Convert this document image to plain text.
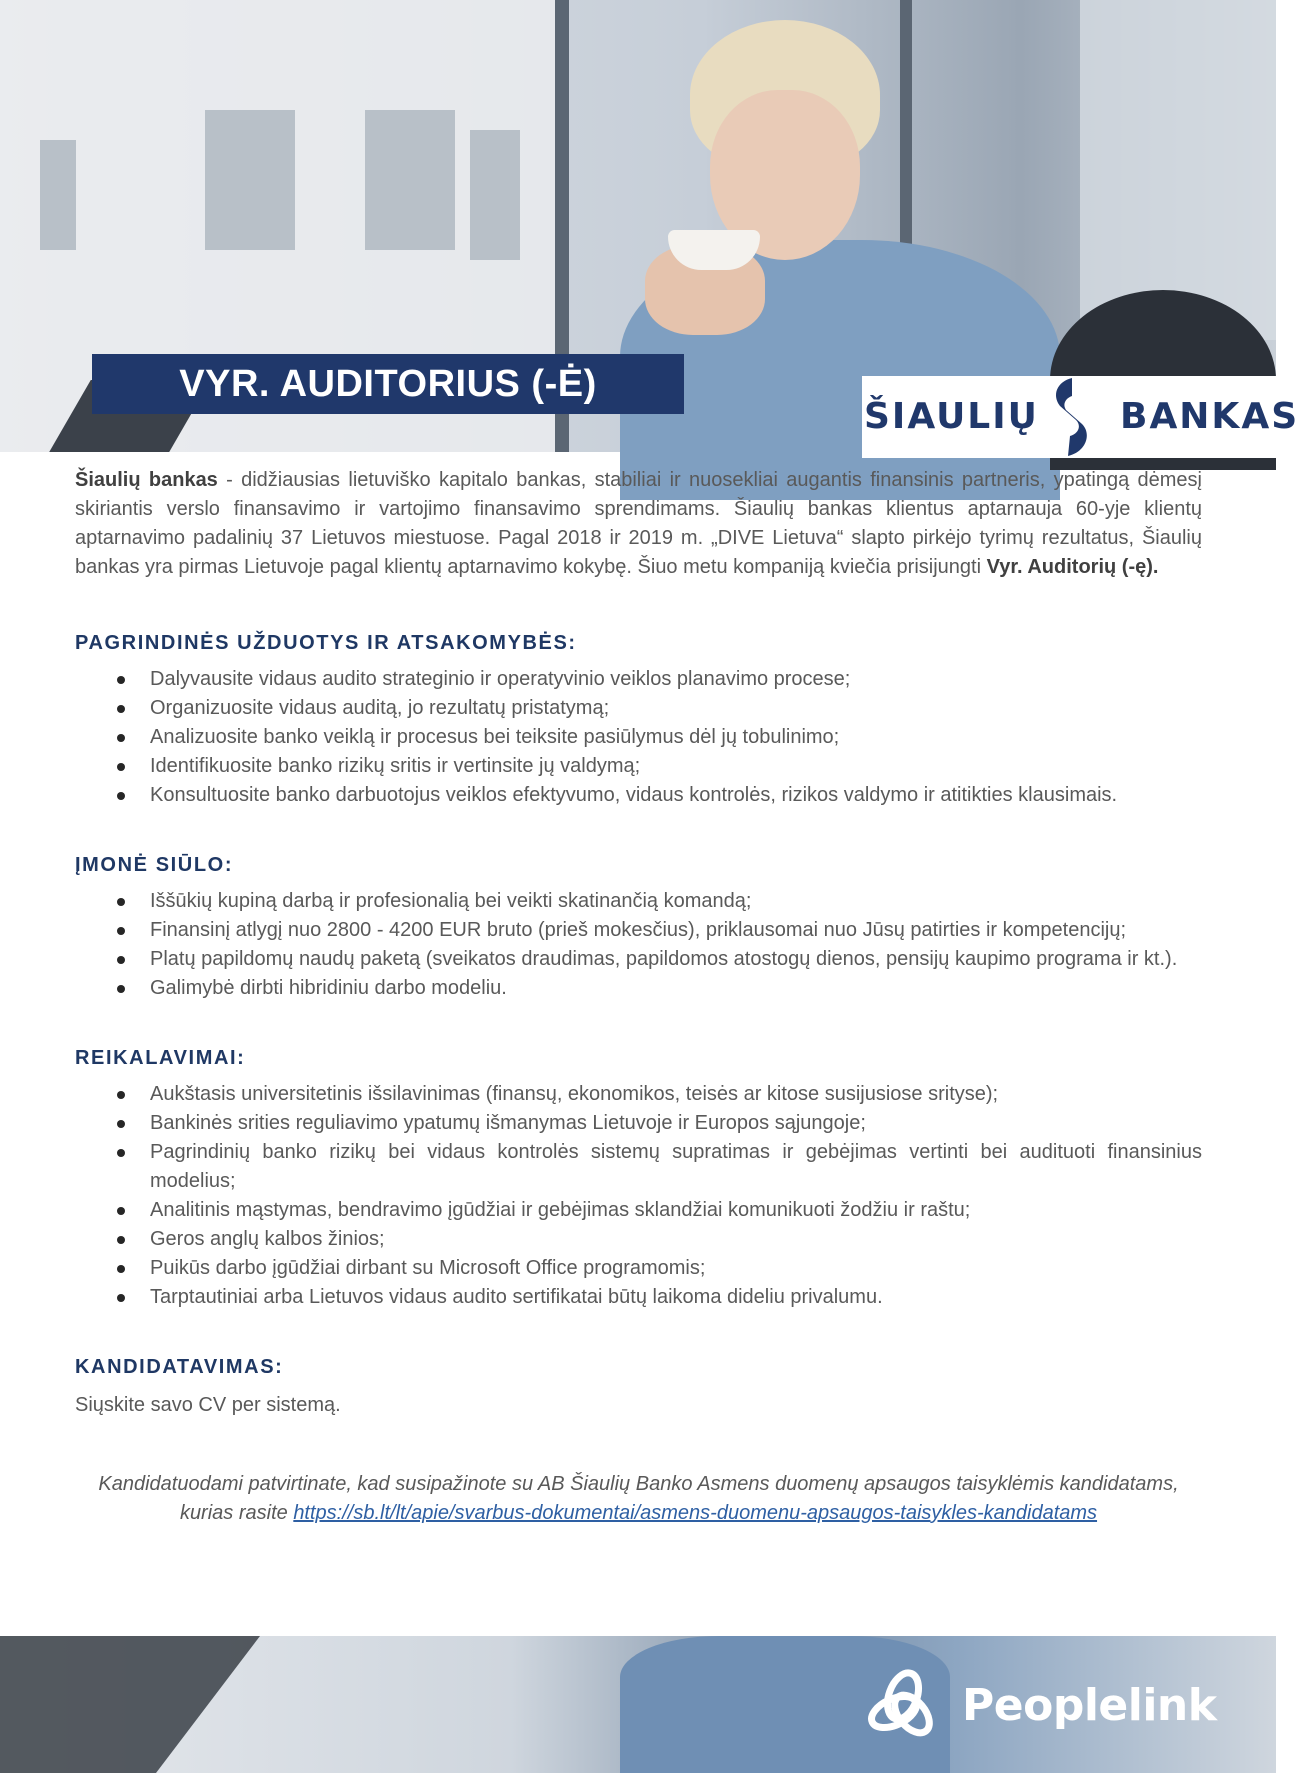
VYR. AUDITORIUS (-Ė)
ŠIAULIŲ BANKAS

Šiaulių bankas - didžiausias lietuviško kapitalo bankas, stabiliai ir nuosekliai augantis finansinis partneris, ypatingą dėmesį skiriantis verslo finansavimo ir vartojimo finansavimo sprendimams. Šiaulių bankas klientus aptarnauja 60-yje klientų aptarnavimo padalinių 37 Lietuvos miestuose. Pagal 2018 ir 2019 m. „DIVE Lietuva“ slapto pirkėjo tyrimų rezultatus, Šiaulių bankas yra pirmas Lietuvoje pagal klientų aptarnavimo kokybę. Šiuo metu kompaniją kviečia prisijungti Vyr. Auditorių (-ę).

PAGRINDINĖS UŽDUOTYS IR ATSAKOMYBĖS:
Dalyvausite vidaus audito strateginio ir operatyvinio veiklos planavimo procese;
Organizuosite vidaus auditą, jo rezultatų pristatymą;
Analizuosite banko veiklą ir procesus bei teiksite pasiūlymus dėl jų tobulinimo;
Identifikuosite banko rizikų sritis ir vertinsite jų valdymą;
Konsultuosite banko darbuotojus veiklos efektyvumo, vidaus kontrolės, rizikos valdymo ir atitikties klausimais.
ĮMONĖ SIŪLO:
Iššūkių kupiną darbą ir profesionalią bei veikti skatinančią komandą;
Finansinį atlygį nuo 2800 - 4200 EUR bruto (prieš mokesčius), priklausomai nuo Jūsų patirties ir kompetencijų;
Platų papildomų naudų paketą (sveikatos draudimas, papildomos atostogų dienos, pensijų kaupimo programa ir kt.).
Galimybė dirbti hibridiniu darbo modeliu.
REIKALAVIMAI:
Aukštasis universitetinis išsilavinimas (finansų, ekonomikos, teisės ar kitose susijusiose srityse);
Bankinės srities reguliavimo ypatumų išmanymas Lietuvoje ir Europos sąjungoje;
Pagrindinių banko rizikų bei vidaus kontrolės sistemų supratimas ir gebėjimas vertinti bei audituoti finansinius modelius;
Analitinis mąstymas, bendravimo įgūdžiai ir gebėjimas sklandžiai komunikuoti žodžiu ir raštu;
Geros anglų kalbos žinios;
Puikūs darbo įgūdžiai dirbant su Microsoft Office programomis;
Tarptautiniai arba Lietuvos vidaus audito sertifikatai būtų laikoma dideliu privalumu.
KANDIDATAVIMAS:

Siųskite savo CV per sistemą.

Kandidatuodami patvirtinate, kad susipažinote su AB Šiaulių Banko Asmens duomenų apsaugos taisyklėmis kandidatams,
kurias rasite https://sb.lt/lt/apie/svarbus-dokumentai/asmens-duomenu-apsaugos-taisykles-kandidatams
Peoplelink
